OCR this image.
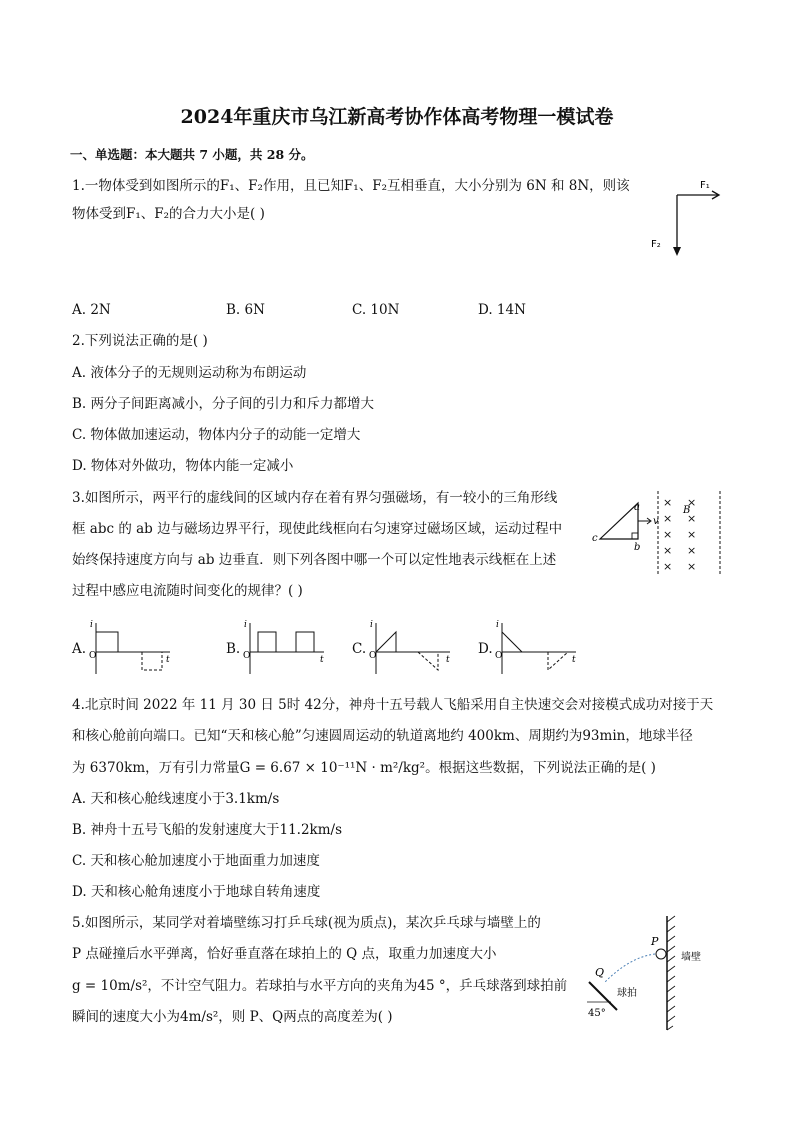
2024年重庆市乌江新高考协作体高考物理一模试卷
一、单选题：本大题共 7 小题，共 28 分。
1.一物体受到如图所示的F₁、F₂作用，且已知F₁、F₂互相垂直，大小分别为 6N 和 8N，则该
物体受到F₁、F₂的合力大小是( )
F₁
F₂
A. 2N	B. 6N	C. 10N	D. 14N
2.下列说法正确的是( )
A. 液体分子的无规则运动称为布朗运动
B. 两分子间距离减小，分子间的引力和斥力都增大
C. 物体做加速运动，物体内分子的动能一定增大
D. 物体对外做功，物体内能一定减小
3.如图所示，两平行的虚线间的区域内存在着有界匀强磁场，有一较小的三角形线
框 abc 的 ab 边与磁场边界平行，现使此线框向右匀速穿过磁场区域，运动过程中
始终保持速度方向与 ab 边垂直．则下列各图中哪一个可以定性地表示线框在上述
过程中感应电流随时间变化的规律？( )
a
b
c
v
B
× ×
× ×
× ×
× ×
× ×
A.
i
O	t
B.
i
O	t
C.
i
O	t
D.
i
O	t
4.北京时间 2022 年 11 月 30 日 5时 42分，神舟十五号载人飞船采用自主快速交会对接模式成功对接于天
和核心舱前向端口。已知“天和核心舱”匀速圆周运动的轨道离地约 400km、周期约为93min，地球半径
为 6370km，万有引力常量G = 6.67 × 10⁻¹¹N · m²/kg²。根据这些数据，下列说法正确的是( )
A. 天和核心舱线速度小于3.1km/s
B. 神舟十五号飞船的发射速度大于11.2km/s
C. 天和核心舱加速度小于地面重力加速度
D. 天和核心舱角速度小于地球自转角速度
5.如图所示，某同学对着墙壁练习打乒乓球(视为质点)，某次乒乓球与墙壁上的
P 点碰撞后水平弹离，恰好垂直落在球拍上的 Q 点，取重力加速度大小
g = 10m/s²，不计空气阻力。若球拍与水平方向的夹角为45 °，乒乓球落到球拍前
瞬间的速度大小为4m/s²，则 P、Q两点的高度差为( )
P
Q
45°
球拍
墙壁
